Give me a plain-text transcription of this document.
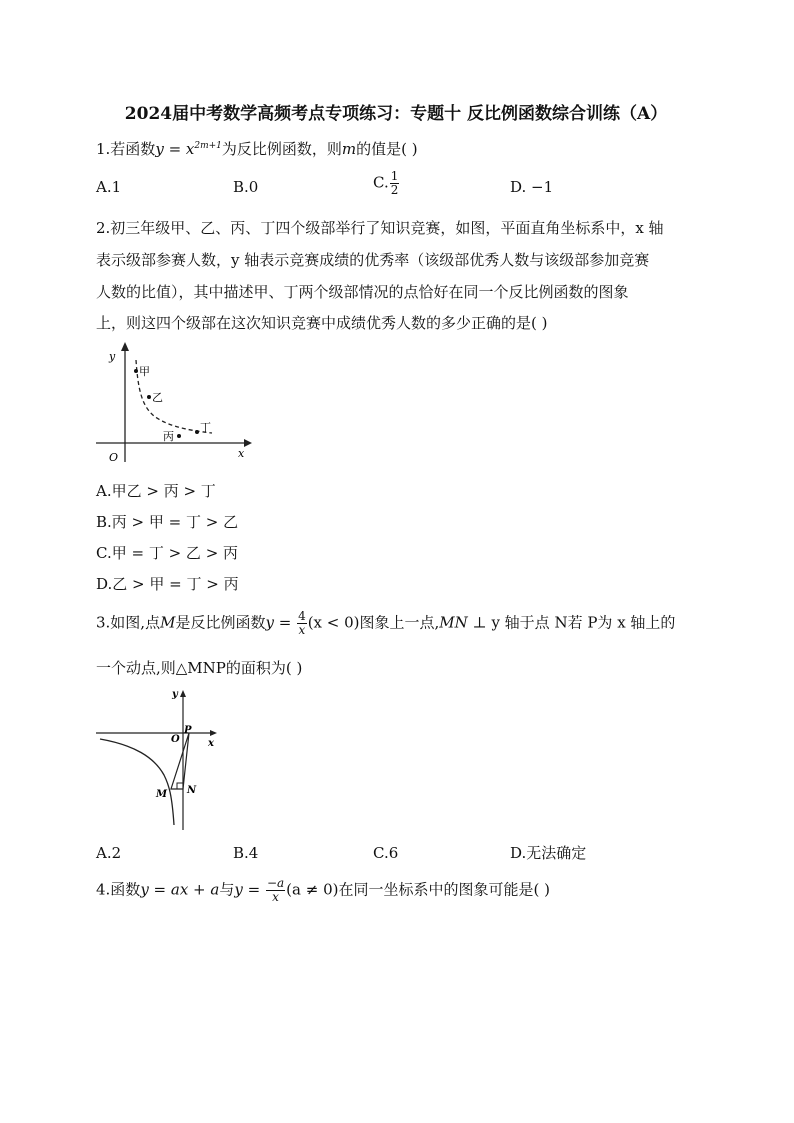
2024届中考数学高频考点专项练习：专题十 反比例函数综合训练（A）
1.若函数$y = x^{2m+1}$为反比例函数，则m的值是( )
A.1	B.0	C. $\frac{1}{2}$	D. −1
2.初三年级甲、乙、丙、丁四个级部举行了知识竞赛，如图，平面直角坐标系中，x 轴
表示级部参赛人数，y 轴表示竞赛成绩的优秀率（该级部优秀人数与该级部参加竞赛
人数的比值），其中描述甲、丁两个级部情况的点恰好在同一个反比例函数的图象
上，则这四个级部在这次知识竞赛中成绩优秀人数的多少正确的是( )
y
x
O
甲
乙
丙
丁
A.甲乙 > 丙 > 丁
B.丙 > 甲 = 丁 > 乙
C.甲 = 丁 > 乙 > 丙
D.乙 > 甲 = 丁 > 丙
3.如图,点M是反比例函数$y = \frac{4}{x} (x < 0)$图象上一点,MN ⊥ y 轴于点 N若 P为 x 轴上的
一个动点,则△MNP的面积为( )
P
O	x
y
M N
A.2	B.4	C.6	D.无法确定
4.函数y = ax + a与$y = \frac{-a}{x} (a \ne 0)$在同一坐标系中的图象可能是( )
